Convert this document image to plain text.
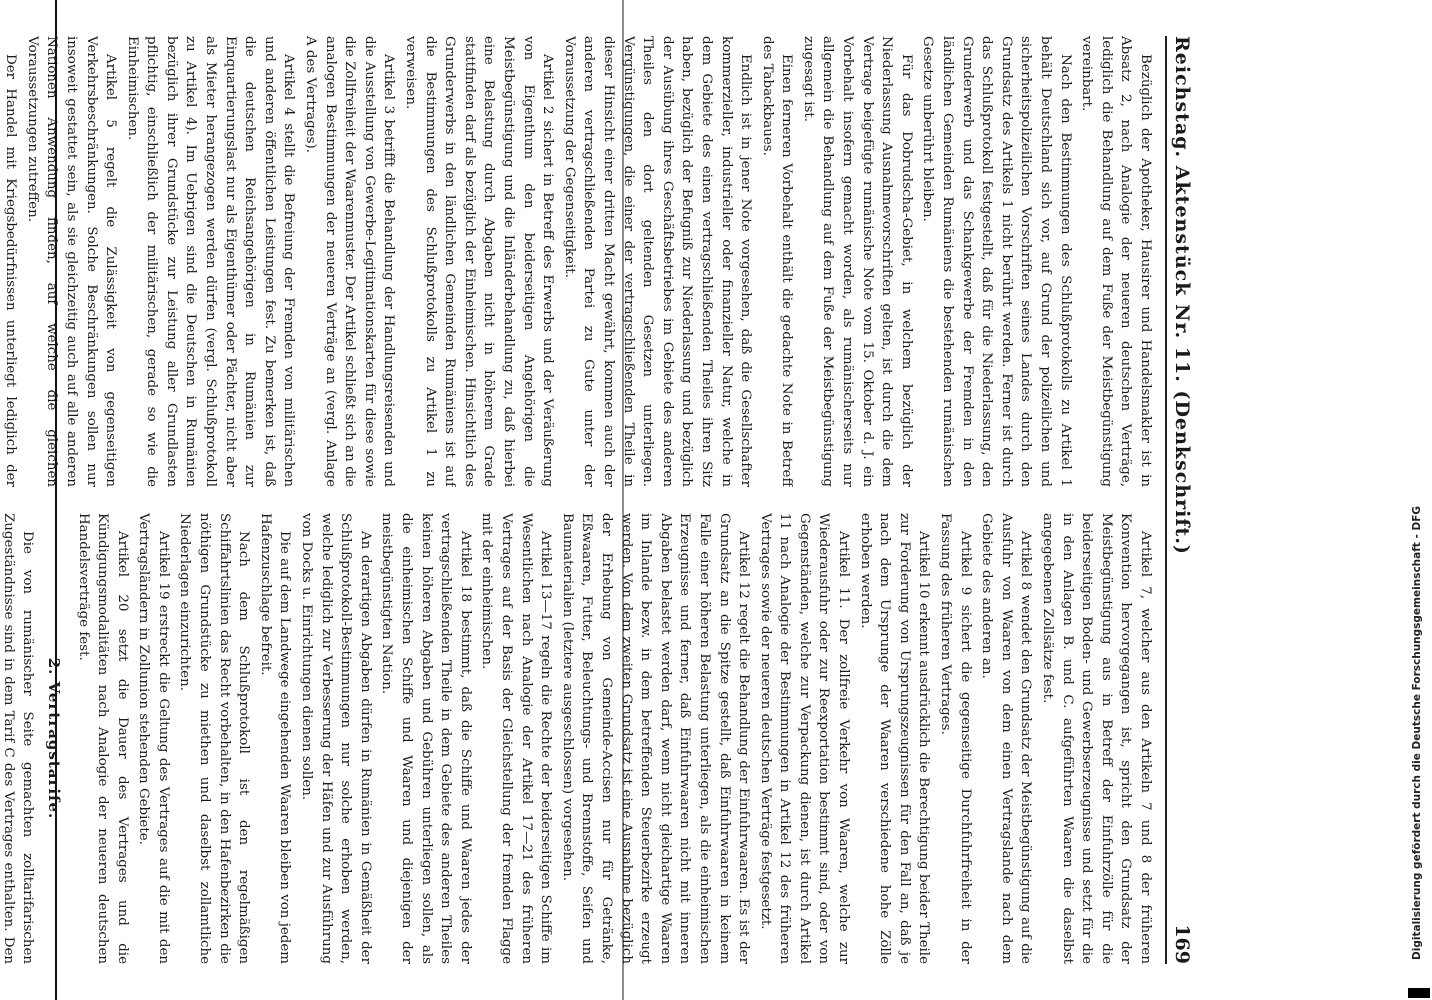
Reichstag. Aktenstück Nr. 11. (Denkschrift.)
169

Bezüglich der Apotheker, Hausirer und Handelsmakler ist in Absatz 2, nach Analogie der neueren deutschen Verträge, lediglich die Behandlung auf dem Fuße der Meistbegünstigung vereinbart.

Nach den Bestimmungen des Schlußprotokolls zu Artikel 1 behält Deutschland sich vor, auf Grund der polizeilichen und sicherheitspolizeilichen Vorschriften seines Landes durch den Grundsatz des Artikels 1 nicht berührt werden. Ferner ist durch das Schlußprotokoll festgestellt, daß für die Niederlassung, den Grunderwerb und das Schankgewerbe der Fremden in den ländlichen Gemeinden Rumäniens die bestehenden rumänischen Gesetze unberührt bleiben.

Für das Dobrudscha-Gebiet, in welchem bezüglich der Niederlassung Ausnahmevorschriften gelten, ist durch die dem Vertrage beigefügte rumänische Note vom 15. Oktober d. J. ein Vorbehalt insofern gemacht worden, als rumänischerseits nur allgemein die Behandlung auf dem Fuße der Meistbegünstigung zugesagt ist.

Einen ferneren Vorbehalt enthält die gedachte Note in Betreff des Tabackbaues.

Endlich ist in jener Note vorgesehen, daß die Gesellschafter kommerzieller, industrieller oder finanzieller Natur, welche in dem Gebiete des einen vertragschließenden Theiles ihren Sitz haben, bezüglich der Befugniß zur Niederlassung und bezüglich der Ausübung ihres Geschäftsbetriebes im Gebiete des anderen Theiles den dort geltenden Gesetzen unterliegen. Vergünstigungen, die einer der vertragschließenden Theile in dieser Hinsicht einer dritten Macht gewährt, kommen auch der anderen vertragschließenden Partei zu Gute unter der Voraussetzung der Gegenseitigkeit.

Artikel 2 sichert in Betreff des Erwerbs und der Veräußerung von Eigenthum den beiderseitigen Angehörigen die Meistbegünstigung und die Inländerbehandlung zu, daß hierbei eine Belastung durch Abgaben nicht in höherem Grade stattfinden darf als bezüglich der Einheimischen. Hinsichtlich des Grunderwerbs in den ländlichen Gemeinden Rumäniens ist auf die Bestimmungen des Schlußprotokolls zu Artikel 1 zu verweisen.

Artikel 3 betrifft die Behandlung der Handlungsreisenden und die Ausstellung von Gewerbe-Legitimationskarten für diese sowie die Zollfreiheit der Waarenmuster. Der Artikel schließt sich an die analogen Bestimmungen der neueren Verträge an (vergl. Anlage A des Vertrages).

Artikel 4 stellt die Befreiung der Fremden von militärischen und anderen öffentlichen Leistungen fest. Zu bemerken ist, daß die deutschen Reichsangehörigen in Rumänien zur Einquartierungslast nur als Eigenthümer oder Pächter, nicht aber als Mieter herangezogen werden dürfen (vergl. Schlußprotokoll zu Artikel 4). Im Uebrigen sind die Deutschen in Rumänien bezüglich ihrer Grundstücke zur Leistung aller Grundlasten pflichtig, einschließlich der militärischen, gerade so wie die Einheimischen.

Artikel 5 regelt die Zulässigkeit von gegenseitigen Verkehrsbeschränkungen. Solche Beschränkungen sollen nur insoweit gestattet sein, als sie gleichzeitig auch auf alle anderen Nationen Anwendung finden, auf welche die gleichen Voraussetzungen zutreffen.

Der Handel mit Kriegsbedürfnissen unterliegt lediglich der

Artikel 7, welcher aus den Artikeln 7 und 8 der früheren Konvention hervorgegangen ist, spricht den Grundsatz der Meistbegünstigung aus in Betreff der Einfuhrzölle für die beiderseitigen Boden- und Gewerbserzeugnisse und setzt für die in den Anlagen B. und C. aufgeführten Waaren die daselbst angegebenen Zollsätze fest.

Artikel 8 wendet den Grundsatz der Meistbegünstigung auf die Ausfuhr von Waaren von dem einen Vertragslande nach dem Gebiete des anderen an.

Artikel 9 sichert die gegenseitige Durchfuhrfreiheit in der Fassung des früheren Vertrages.

Artikel 10 erkennt ausdrücklich die Berechtigung beider Theile zur Forderung von Ursprungszeugnissen für den Fall an, daß je nach dem Ursprunge der Waaren verschiedene hohe Zölle erhoben werden.

Artikel 11. Der zollfreie Verkehr von Waaren, welche zur Wiederausfuhr oder zur Reexportation bestimmt sind, oder von Gegenständen, welche zur Verpackung dienen, ist durch Artikel 11 nach Analogie der Bestimmungen in Artikel 12 des früheren Vertrages sowie der neueren deutschen Verträge festgesetzt.

Artikel 12 regelt die Behandlung der Einfuhrwaaren. Es ist der Grundsatz an die Spitze gestellt, daß Einfuhrwaaren in keinem Falle einer höheren Belastung unterliegen, als die einheimischen Erzeugnisse und ferner, daß Einfuhrwaaren nicht mit inneren Abgaben belastet werden darf, wenn nicht gleichartige Waaren im Inlande bezw. in dem betreffenden Steuerbezirke erzeugt werden. Von dem zweiten Grundsatz ist eine Ausnahme bezüglich der Erhebung von Gemeinde-Accisen nur für Getränke, Eßwaaren, Futter, Beleuchtungs- und Brennstoffe, Seifen und Baumaterialien (letztere ausgeschlossen) vorgesehen.

Artikel 13—17 regeln die Rechte der beiderseitigen Schiffe im Wesentlichen nach Analogie der Artikel 17—21 des früheren Vertrages auf der Basis der Gleichstellung der fremden Flagge mit der einheimischen.

Artikel 18 bestimmt, daß die Schiffe und Waaren jedes der vertragschließenden Theile in dem Gebiete des anderen Theiles keinen höheren Abgaben und Gebühren unterliegen sollen, als die einheimischen Schiffe und Waaren und diejenigen der meistbegünstigten Nation.

An derartigen Abgaben dürfen in Rumänien in Gemäßheit der Schlußprotokoll-Bestimmungen nur solche erhoben werden, welche lediglich zur Verbesserung der Häfen und zur Ausführung von Docks u. Einrichtungen dienen sollen.

Die auf dem Landwege eingehenden Waaren bleiben von jedem Hafenzuschlage befreit.

Nach dem Schlußprotokoll ist den regelmäßigen Schiffahrtslinien das Recht vorbehalten, in den Hafenbezirken die nöthigen Grundstücke zu miethen und daselbst zollamtliche Niederlagen einzurichten.

Artikel 19 erstreckt die Geltung des Vertrages auf die mit den Vertragsländern in Zollunion stehenden Gebiete.

Artikel 20 setzt die Dauer des Vertrages und die Kündigungsmodalitäten nach Analogie der neueren deutschen Handelsverträge fest.

2. Vertragstarife.

Die von rumänischer Seite gemachten zolltarifarischen Zugeständnisse sind in dem Tarif C des Vertrages enthalten. Den	Digitalisierung gefördert durch die Deutsche Forschungsgemeinschaft - DFG
